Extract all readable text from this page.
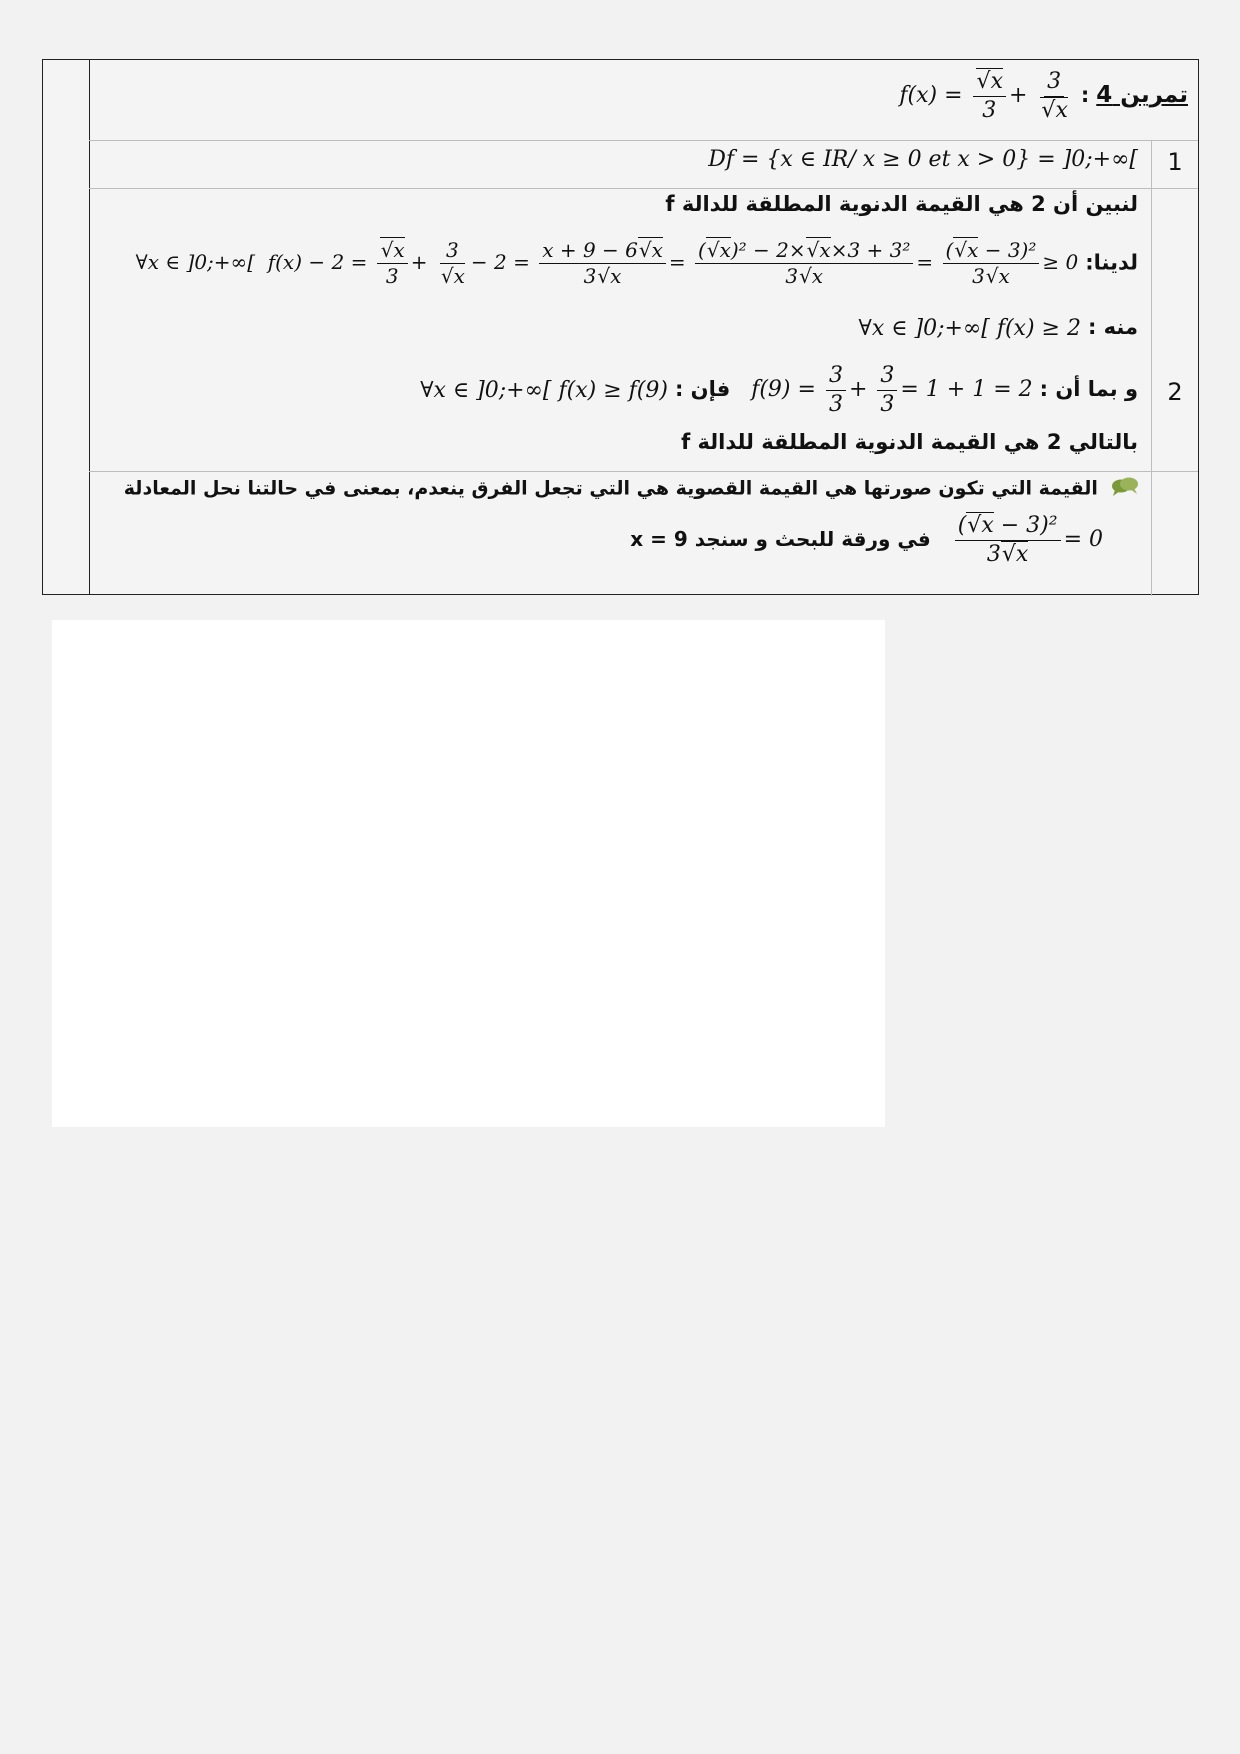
تمرين 4 : $f(x) = \frac{√x}{3} + \frac{3}{√x}$
1
Df = {x ∈ IR/ x ≥ 0 et x > 0} = ]0;+∞[
2
لنبين أن 2 هي القيمة الدنوية المطلقة للدالة f
لدينا: ∀x ∈ ]0;+∞[  $f(x) - 2 = \frac{√x}{3} + \frac{3}{√x} - 2 = \frac{x + 9 - 6√x}{3√x} = \frac{\text{(√x)² − 2×√x×3 + 3²}}{3√x} = \frac{\text{(√x − 3)²}}{3√x} \ge 0$
منه : ∀x ∈ ]0;+∞[ f(x) ≥ 2
و بما أن : $f(9) = \frac{3}{3} + \frac{3}{3} = 1 + 1 = 2$   فإن : ∀x ∈ ]0;+∞[ f(x) ≥ f(9)
بالتالي 2 هي القيمة الدنوية المطلقة للدالة f
القيمة التي تكون صورتها هي القيمة القصوية هي التي تجعل الفرق ينعدم، بمعنى في حالتنا نحل المعادلة
$\frac{\text{(√x − 3)²}}{3√x} = 0$   في ورقة للبحث و سنجد x = 9
